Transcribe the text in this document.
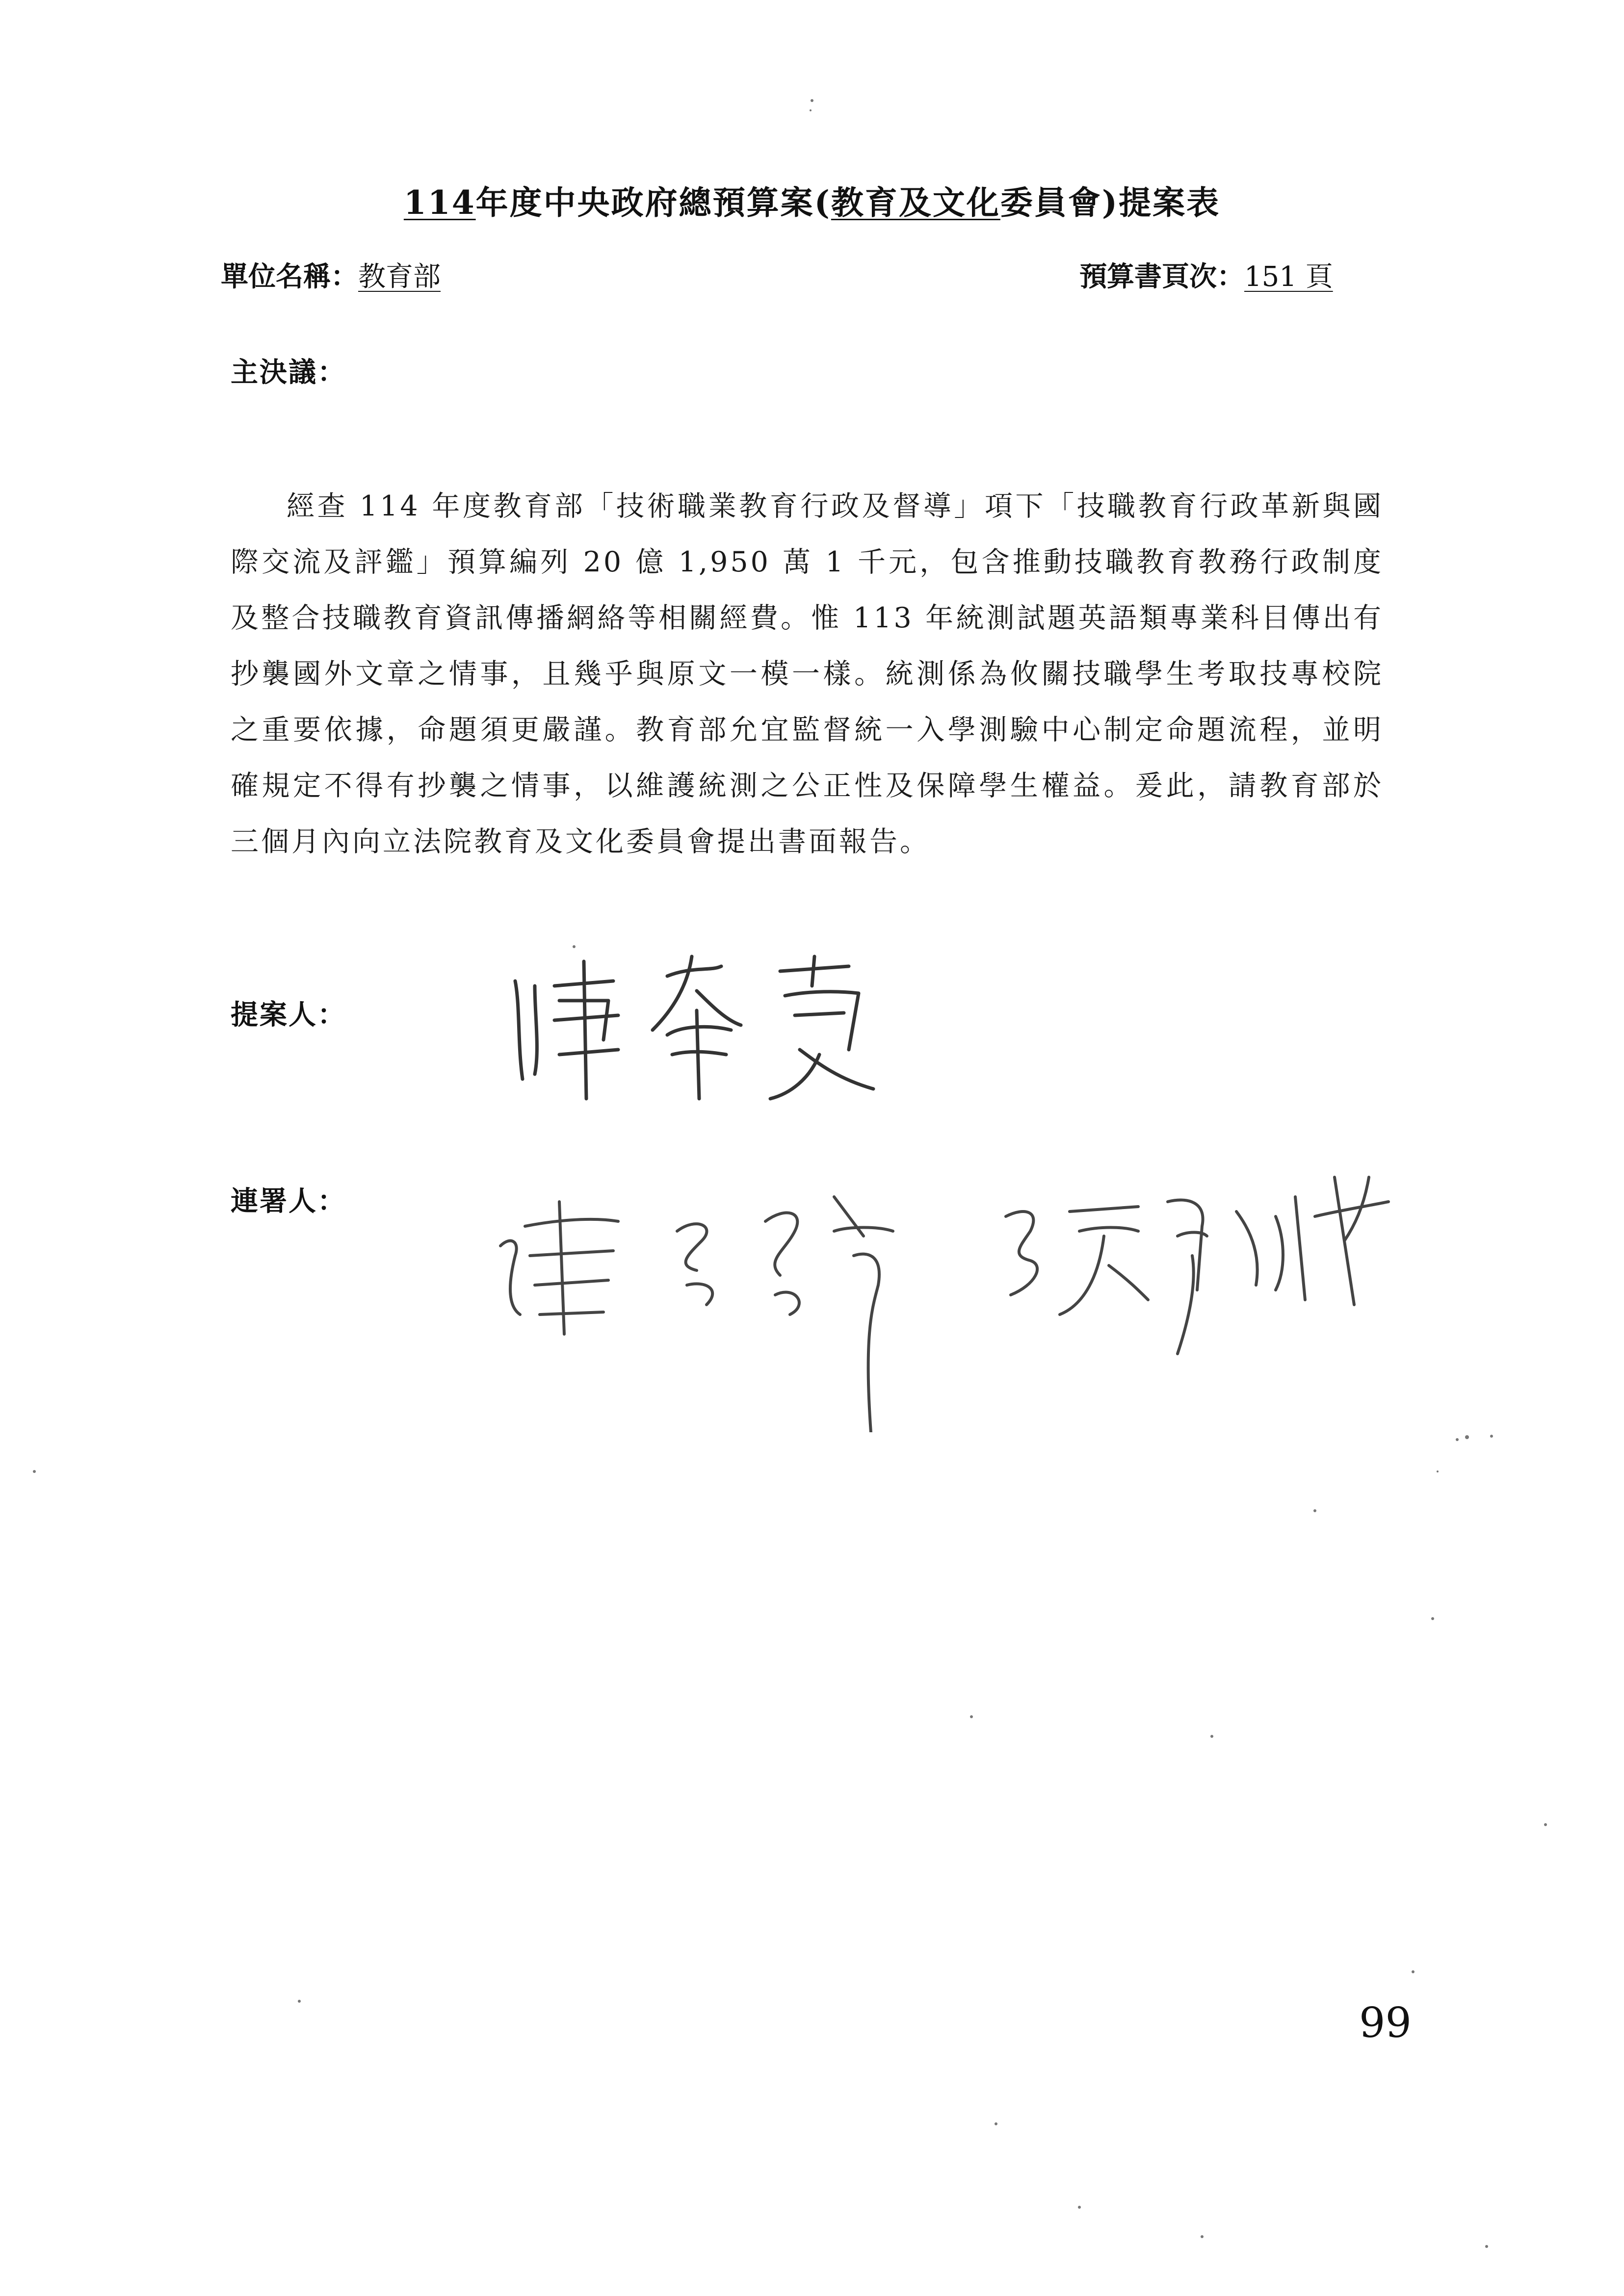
114年度中央政府總預算案(教育及文化委員會)提案表
單位名稱：教育部	預算書頁次：151 頁
主決議：
經查 114 年度教育部「技術職業教育行政及督導」項下「技職教育行政革新與國際交流及評鑑」預算編列 20 億 1,950 萬 1 千元，包含推動技職教育教務行政制度及整合技職教育資訊傳播網絡等相關經費。惟 113 年統測試題英語類專業科目傳出有抄襲國外文章之情事，且幾乎與原文一模一樣。統測係為攸關技職學生考取技專校院之重要依據，命題須更嚴謹。教育部允宜監督統一入學測驗中心制定命題流程，並明確規定不得有抄襲之情事，以維護統測之公正性及保障學生權益。爰此，請教育部於三個月內向立法院教育及文化委員會提出書面報告。
提案人：
連署人：
99
